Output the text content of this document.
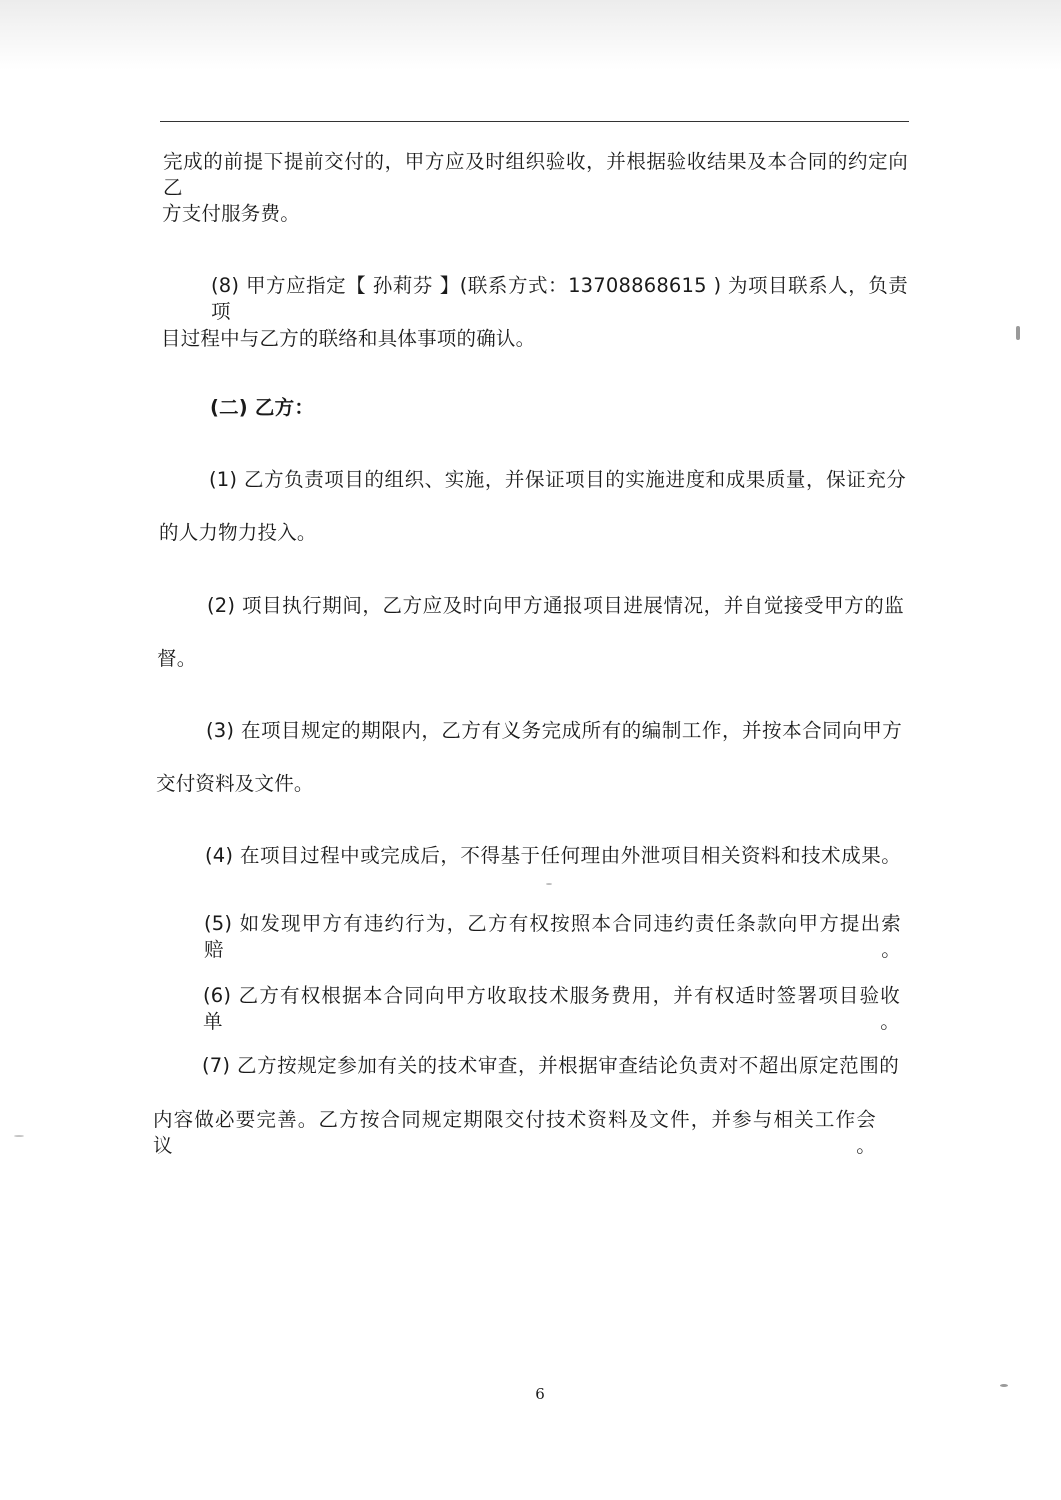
完成的前提下提前交付的，甲方应及时组织验收，并根据验收结果及本合同的约定向乙
方支付服务费。
(8) 甲方应指定【 孙莉芬 】(联系方式：13708868615 ) 为项目联系人，负责项
目过程中与乙方的联络和具体事项的确认。
(二) 乙方：
(1) 乙方负责项目的组织、实施，并保证项目的实施进度和成果质量，保证充分
的人力物力投入。
(2) 项目执行期间，乙方应及时向甲方通报项目进展情况，并自觉接受甲方的监
督。
(3) 在项目规定的期限内，乙方有义务完成所有的编制工作，并按本合同向甲方
交付资料及文件。
(4) 在项目过程中或完成后，不得基于任何理由外泄项目相关资料和技术成果。
(5) 如发现甲方有违约行为，乙方有权按照本合同违约责任条款向甲方提出索赔。
(6) 乙方有权根据本合同向甲方收取技术服务费用，并有权适时签署项目验收单。
(7) 乙方按规定参加有关的技术审查，并根据审查结论负责对不超出原定范围的
内容做必要完善。乙方按合同规定期限交付技术资料及文件，并参与相关工作会议。
6
